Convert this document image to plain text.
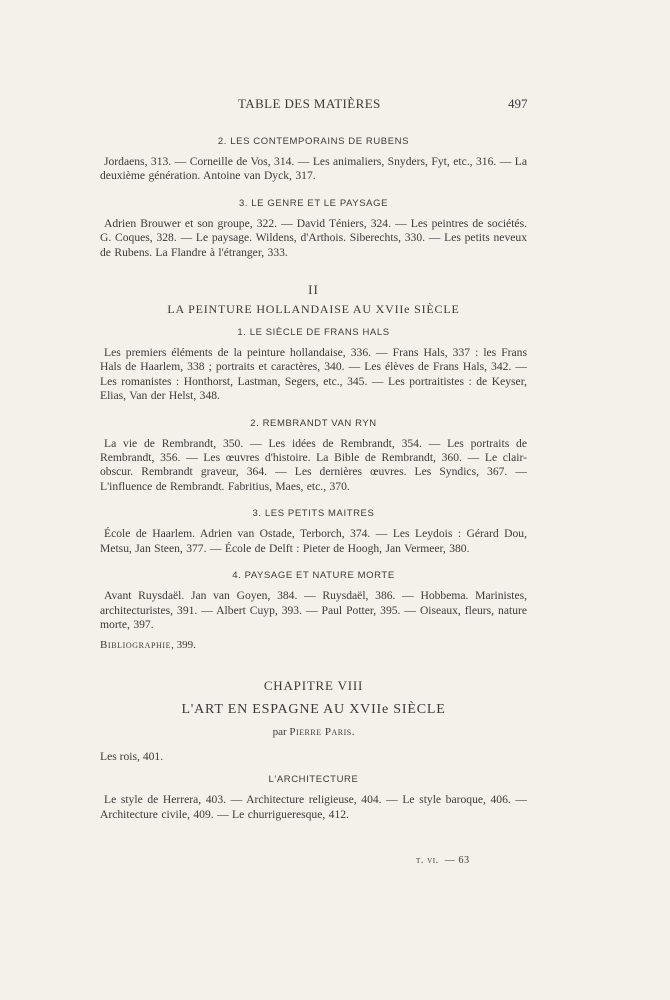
TABLE DES MATIÈRES	497
2. LES CONTEMPORAINS DE RUBENS

Jordaens, 313. — Corneille de Vos, 314. — Les animaliers, Snyders, Fyt, etc., 316. — La deuxième génération. Antoine van Dyck, 317.

3. LE GENRE ET LE PAYSAGE

Adrien Brouwer et son groupe, 322. — David Téniers, 324. — Les peintres de sociétés. G. Coques, 328. — Le paysage. Wildens, d'Arthois. Siberechts, 330. — Les petits neveux de Rubens. La Flandre à l'étranger, 333.

II
LA PEINTURE HOLLANDAISE AU XVIIe SIÈCLE
1. LE SIÈCLE DE FRANS HALS

Les premiers éléments de la peinture hollandaise, 336. — Frans Hals, 337 : les Frans Hals de Haarlem, 338 ; portraits et caractères, 340. — Les élèves de Frans Hals, 342. — Les romanistes : Honthorst, Lastman, Segers, etc., 345. — Les portraitistes : de Keyser, Elias, Van der Helst, 348.

2. REMBRANDT VAN RYN

La vie de Rembrandt, 350. — Les idées de Rembrandt, 354. — Les portraits de Rembrandt, 356. — Les œuvres d'histoire. La Bible de Rembrandt, 360. — Le clair-obscur. Rembrandt graveur, 364. — Les dernières œuvres. Les Syndics, 367. — L'influence de Rembrandt. Fabritius, Maes, etc., 370.

3. LES PETITS MAITRES

École de Haarlem. Adrien van Ostade, Terborch, 374. — Les Leydois : Gérard Dou, Metsu, Jan Steen, 377. — École de Delft : Pieter de Hoogh, Jan Vermeer, 380.

4. PAYSAGE ET NATURE MORTE

Avant Ruysdaël. Jan van Goyen, 384. — Ruysdaël, 386. — Hobbema. Marinistes, architecturistes, 391. — Albert Cuyp, 393. — Paul Potter, 395. — Oiseaux, fleurs, nature morte, 397.

Bibliographie, 399.
CHAPITRE VIII
L'ART EN ESPAGNE AU XVIIe SIÈCLE
par Pierre Paris.

Les rois, 401.

L'ARCHITECTURE

Le style de Herrera, 403. — Architecture religieuse, 404. — Le style baroque, 406. — Architecture civile, 409. — Le churrigueresque, 412.

t. vi. — 63
